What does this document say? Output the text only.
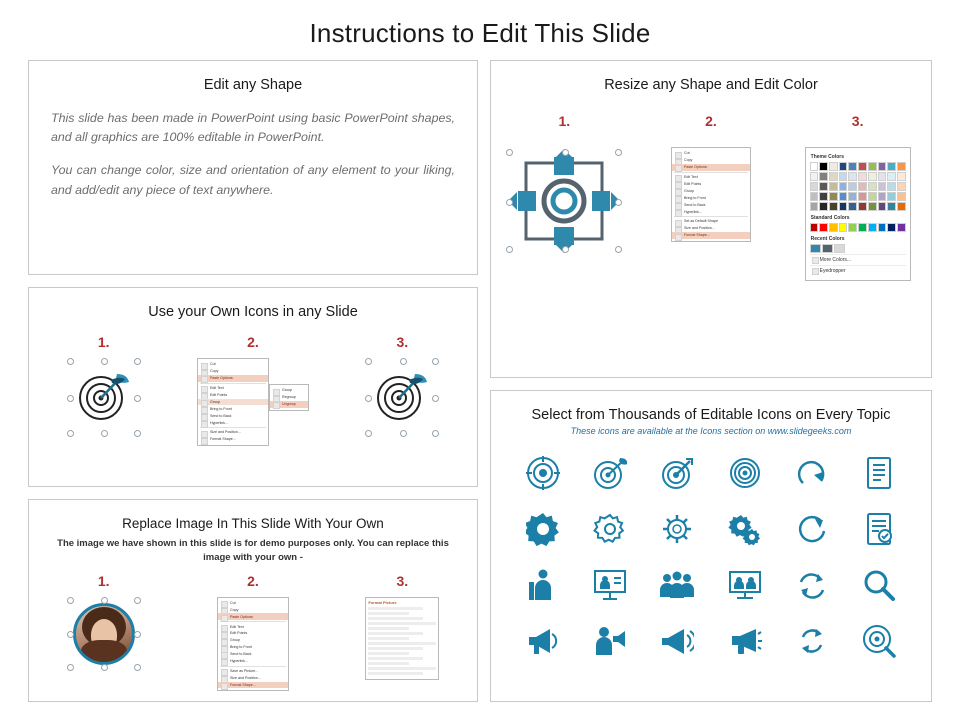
Instructions to Edit This Slide
Edit any Shape
This slide has been made in PowerPoint using basic PowerPoint shapes, and all graphics are 100% editable in PowerPoint.
You can change color, size and orientation of any element to your liking, and add/edit any piece of text anywhere.
Use your Own Icons in any Slide
1.	2.	3.
Cut
Copy
Paste Options:
Edit Text
Edit Points
Group
Bring to Front
Send to Back
Hyperlink...
Size and Position...
Format Shape...
Group
Regroup
Ungroup
Replace Image In This Slide With Your Own
The image we have shown in this slide is for demo purposes only. You can replace this image with your own -
1.	2.	3.
Cut
Copy
Paste Options:
Edit Text
Edit Points
Group
Bring to Front
Send to Back
Hyperlink...
Save as Picture...
Size and Position...
Format Shape...
Format Picture
Resize any Shape and Edit Color
1.	2.	3.
Cut
Copy
Paste Options:
Edit Text
Edit Points
Group
Bring to Front
Send to Back
Hyperlink...
Set as Default Shape
Size and Position...
Format Shape...
Theme Colors
Standard Colors
Recent Colors
More Colors...
Eyedropper
Select from Thousands of Editable Icons on Every Topic
These icons are available at the Icons section on www.slidegeeks.com
